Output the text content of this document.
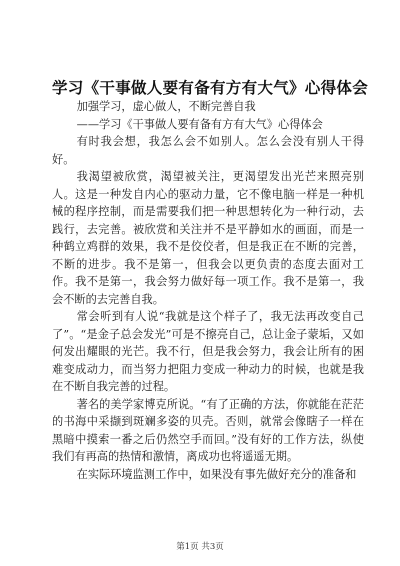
学习《干事做人要有备有方有大气》心得体会

加强学习，虚心做人，不断完善自我

——学习《干事做人要有备有方有大气》心得体会

有时我会想，我怎么会不如别人。怎么会没有别人干得好。

我渴望被欣赏，渴望被关注，更渴望发出光芒来照亮别人。这是一种发自内心的驱动力量，它不像电脑一样是一种机械的程序控制，而是需要我们把一种思想转化为一种行动，去践行，去完善。被欣赏和关注并不是平静如水的画面，而是一种鹤立鸡群的效果，我不是佼佼者，但是我正在不断的完善，不断的进步。我不是第一，但我会以更负责的态度去面对工作。我不是第一，我会努力做好每一项工作。我不是第一，我会不断的去完善自我。

常会听到有人说“我就是这个样子了，我无法再改变自己了”。“是金子总会发光”可是不擦亮自己，总让金子蒙垢，又如何发出耀眼的光芒。我不行，但是我会努力，我会让所有的困难变成动力，而当努力把阻力变成一种动力的时候，也就是我在不断自我完善的过程。

著名的美学家博克所说。“有了正确的方法，你就能在茫茫的书海中采撷到斑斓多姿的贝壳。否则，就常会像瞎子一样在黑暗中摸索一番之后仍然空手而回。”没有好的工作方法，纵使我们有再高的热情和激情，离成功也将遥遥无期。

在实际环境监测工作中，如果没有事先做好充分的准备和

第1页 共3页
